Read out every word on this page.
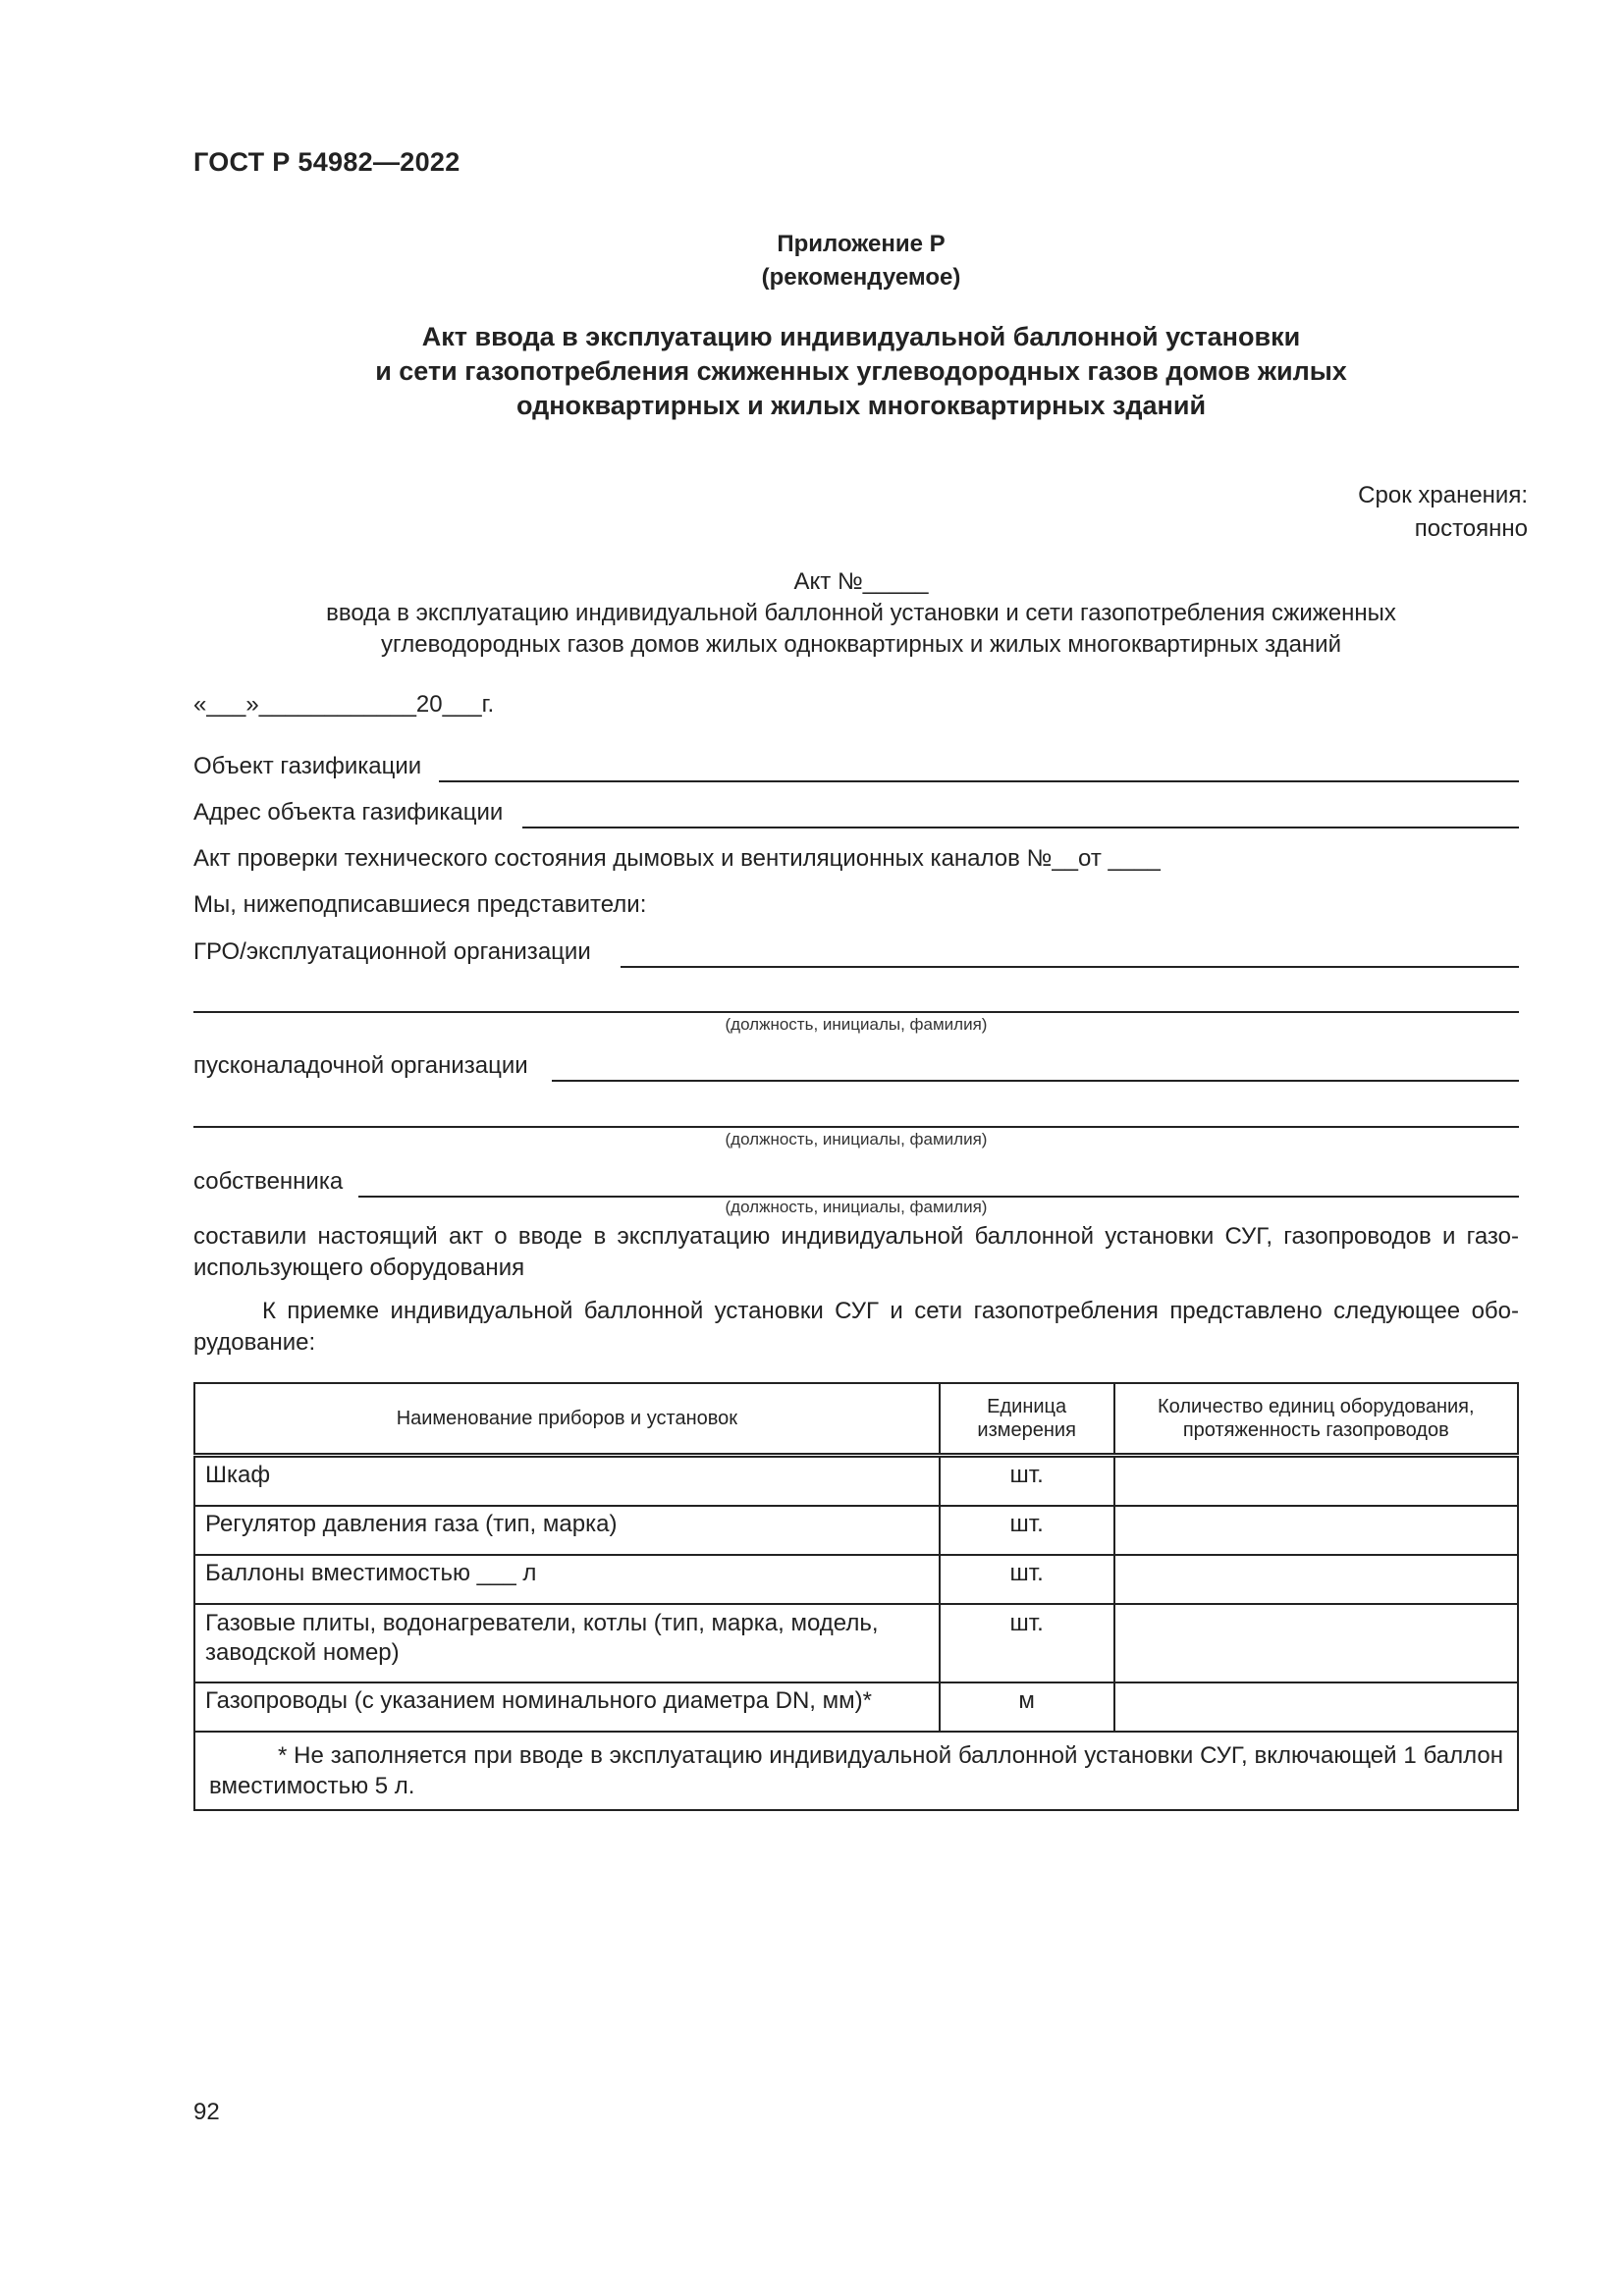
ГОСТ Р 54982—2022
Приложение Р
(рекомендуемое)
Акт ввода в эксплуатацию индивидуальной баллонной установки
и сети газопотребления сжиженных углеводородных газов домов жилых
одноквартирных и жилых многоквартирных зданий
Срок хранения:
постоянно
Акт №_____
ввода в эксплуатацию индивидуальной баллонной установки и сети газопотребления сжиженных
углеводородных газов домов жилых одноквартирных и жилых многоквартирных зданий
«___»____________20___г.
Объект газификации
Адрес объекта газификации
Акт проверки технического состояния дымовых и вентиляционных каналов №__от ____
Мы, нижеподписавшиеся представители:
ГРО/эксплуатационной организации
(должность, инициалы, фамилия)
пусконаладочной организации
(должность, инициалы, фамилия)
собственника
(должность, инициалы, фамилия)
составили настоящий акт о вводе в эксплуатацию индивидуальной баллонной установки СУГ, газопроводов и газо-использующего оборудования
К приемке индивидуальной баллонной установки СУГ и сети газопотребления представлено следующее обо-рудование:
Наименование приборов и установок	Единица измерения	Количество единиц оборудования, протяженность газопроводов
Шкаф	шт.	
Регулятор давления газа (тип, марка)	шт.	
Баллоны вместимостью ___ л	шт.	
Газовые плиты, водонагреватели, котлы (тип, марка, модель, заводской номер)	шт.	
Газопроводы (с указанием номинального диаметра DN, мм)*	м	
* Не заполняется при вводе в эксплуатацию индивидуальной баллонной установки СУГ, включающей 1 баллон вместимостью 5 л.		
92
